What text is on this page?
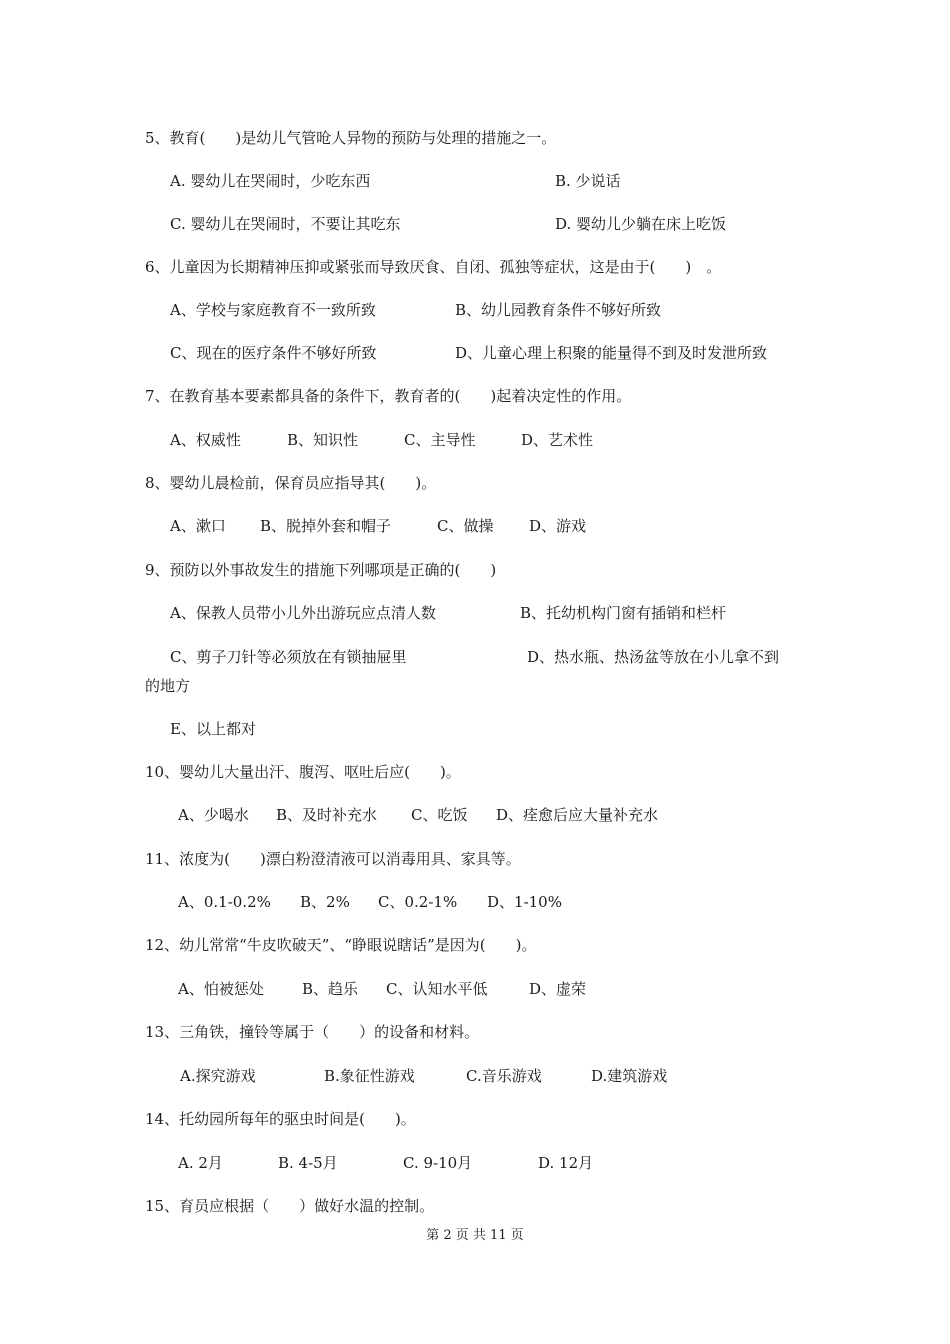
5、教育(　　)是幼儿气管呛人异物的预防与处理的措施之一。
A. 婴幼儿在哭闹时，少吃东西	B. 少说话
C. 婴幼儿在哭闹时，不要让其吃东	D. 婴幼儿少躺在床上吃饭
6、儿童因为长期精神压抑或紧张而导致厌食、自闭、孤独等症状，这是由于(　　)　。
A、学校与家庭教育不一致所致	B、幼儿园教育条件不够好所致
C、现在的医疗条件不够好所致	D、儿童心理上积聚的能量得不到及时发泄所致
7、在教育基本要素都具备的条件下，教育者的(　　)起着决定性的作用。
A、权威性	B、知识性	C、主导性	D、艺术性
8、婴幼儿晨检前，保育员应指导其(　　)。
A、漱口 B、脱掉外套和帽子	C、做操 D、游戏
9、预防以外事故发生的措施下列哪项是正确的(　　)
A、保教人员带小儿外出游玩应点清人数	B、托幼机构门窗有插销和栏杆
C、剪子刀针等必须放在有锁抽屉里	D、热水瓶、热汤盆等放在小儿拿不到
的地方
E、以上都对
10、婴幼儿大量出汗、腹泻、呕吐后应(　　)。
A、少喝水 B、及时补充水 C、吃饭 D、痊愈后应大量补充水
11、浓度为(　　)漂白粉澄清液可以消毒用具、家具等。
A、0.1-0.2% B、2% C、0.2-1% D、1-10%
12、幼儿常常“牛皮吹破天”、“睁眼说瞎话”是因为(　　)。
A、怕被惩处	B、趋乐 C、认知水平低	D、虚荣
13、三角铁，撞铃等属于（　　）的设备和材料。
A.探究游戏	B.象征性游戏	C.音乐游戏	D.建筑游戏
14、托幼园所每年的驱虫时间是(　　)。
A. 2月	B. 4-5月	C. 9-10月	D. 12月
15、育员应根据（　　）做好水温的控制。
第 2 页 共 11 页
